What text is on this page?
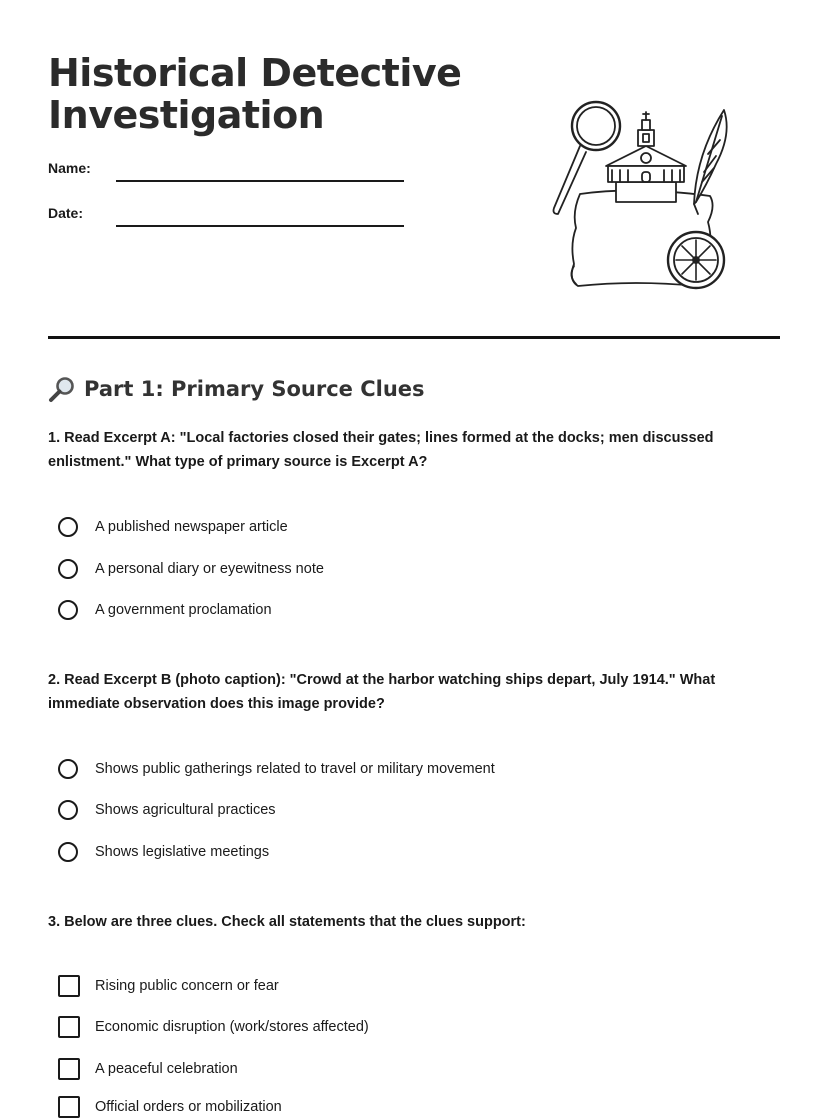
Historical Detective Investigation
Name:
Date:
Part 1: Primary Source Clues

1. Read Excerpt A: "Local factories closed their gates; lines formed at the docks; men discussed enlistment." What type of primary source is Excerpt A?

A published newspaper article
A personal diary or eyewitness note
A government proclamation

2. Read Excerpt B (photo caption): "Crowd at the harbor watching ships depart, July 1914." What immediate observation does this image provide?

Shows public gatherings related to travel or military movement
Shows agricultural practices
Shows legislative meetings

3. Below are three clues. Check all statements that the clues support:

Rising public concern or fear
Economic disruption (work/stores affected)
A peaceful celebration
Official orders or mobilization
